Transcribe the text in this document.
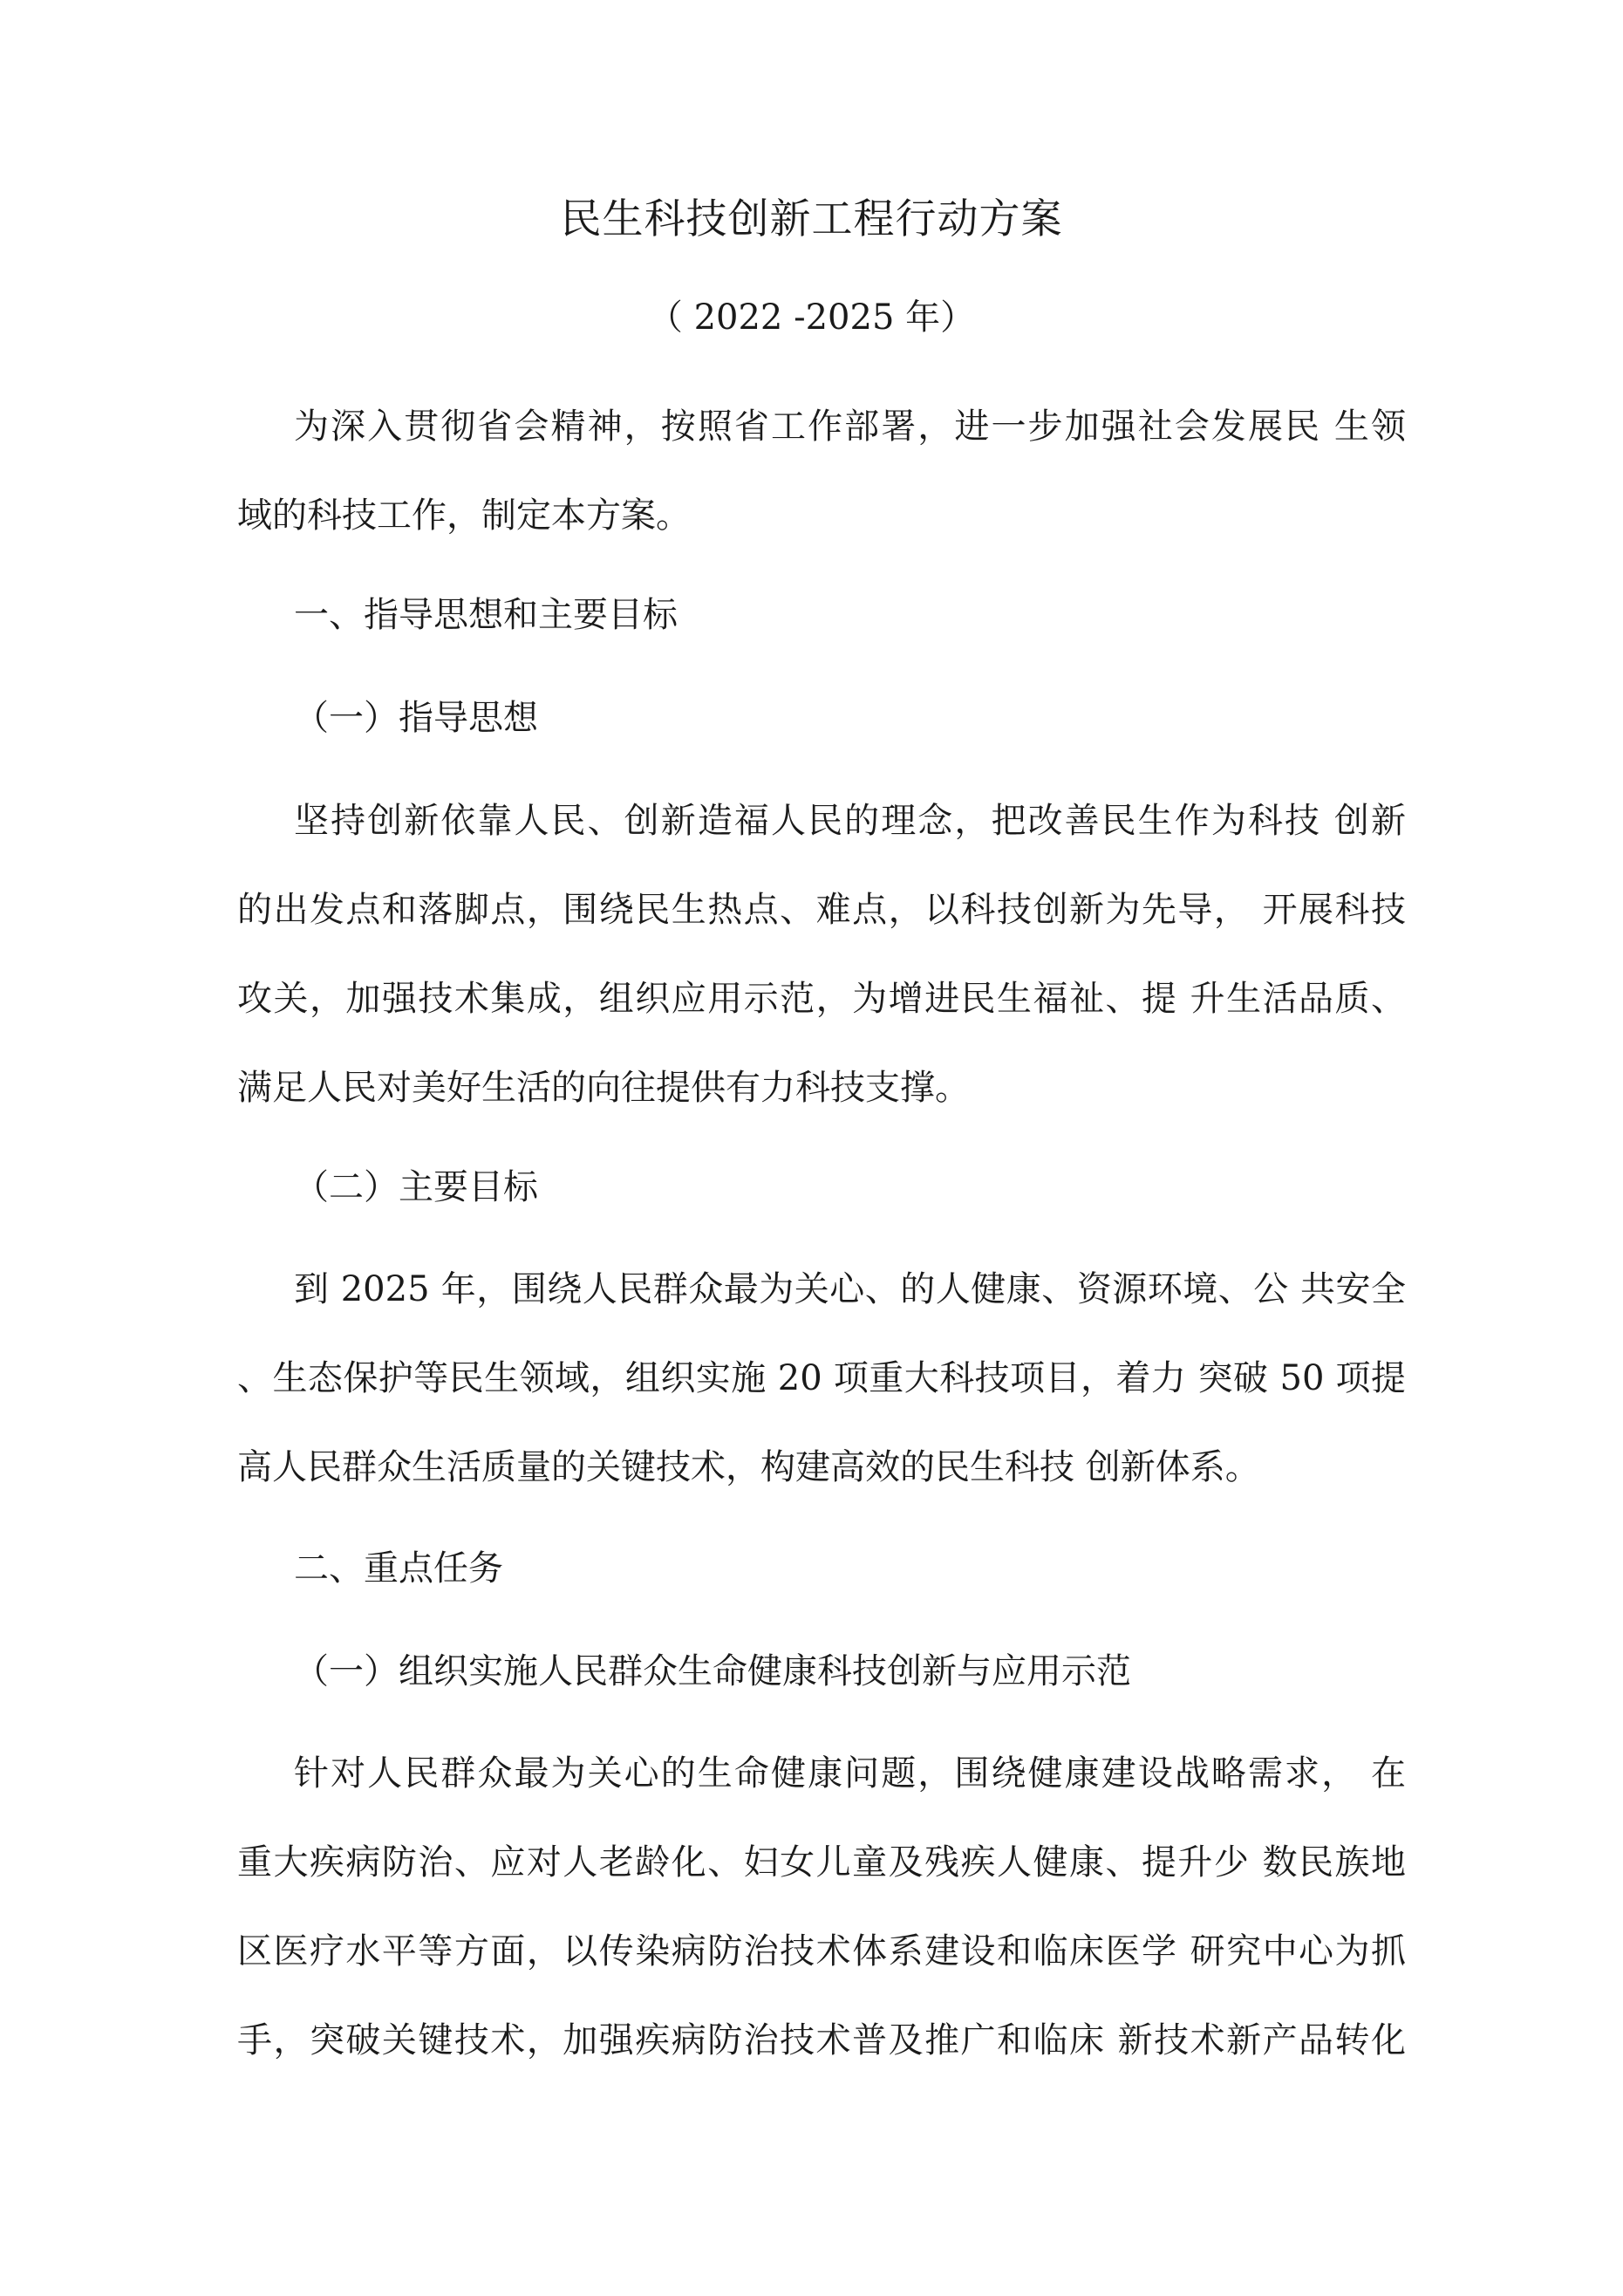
民生科技创新工程行动方案
（ 2022 -2025 年）
为深入贯彻省会精神，按照省工作部署，进一步加强社会发展民 生领
域的科技工作，制定本方案。
一、指导思想和主要目标
（一）指导思想
坚持创新依靠人民、创新造福人民的理念，把改善民生作为科技 创新
的出发点和落脚点，围绕民生热点、难点，以科技创新为先导， 开展科技
攻关，加强技术集成，组织应用示范，为增进民生福祉、提 升生活品质、
满足人民对美好生活的向往提供有力科技支撑。
（二）主要目标
到 2025 年，围绕人民群众最为关心、的人健康、资源环境、公 共安全
、生态保护等民生领域，组织实施 20 项重大科技项目，着力 突破 50 项提
高人民群众生活质量的关键技术，构建高效的民生科技 创新体系。
二、重点任务
（一）组织实施人民群众生命健康科技创新与应用示范
针对人民群众最为关心的生命健康问题，围绕健康建设战略需求， 在
重大疾病防治、应对人老龄化、妇女儿童及残疾人健康、提升少 数民族地
区医疗水平等方面，以传染病防治技术体系建设和临床医学 研究中心为抓
手，突破关键技术，加强疾病防治技术普及推广和临床 新技术新产品转化
